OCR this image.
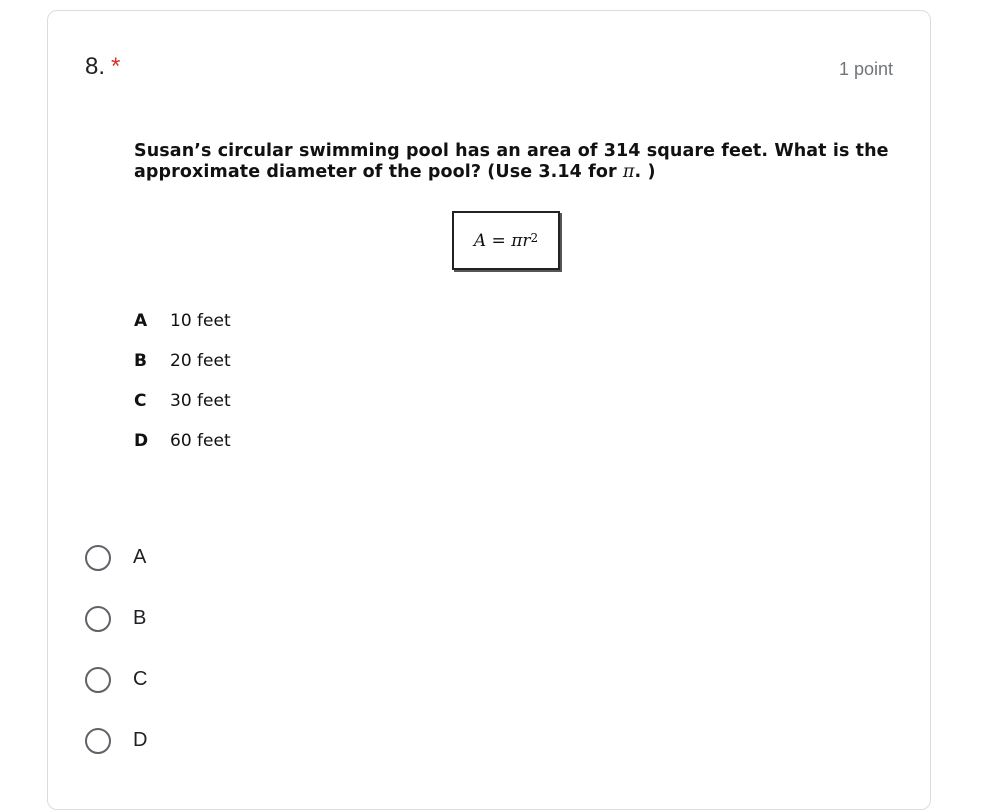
8. *	1 point
Susan’s circular swimming pool has an area of 314 square feet. What is the approximate diameter of the pool? (Use 3.14 for π. )
$A = \pi r^2$
A	10 feet
B	20 feet
C	30 feet
D	60 feet
A
B
C
D
